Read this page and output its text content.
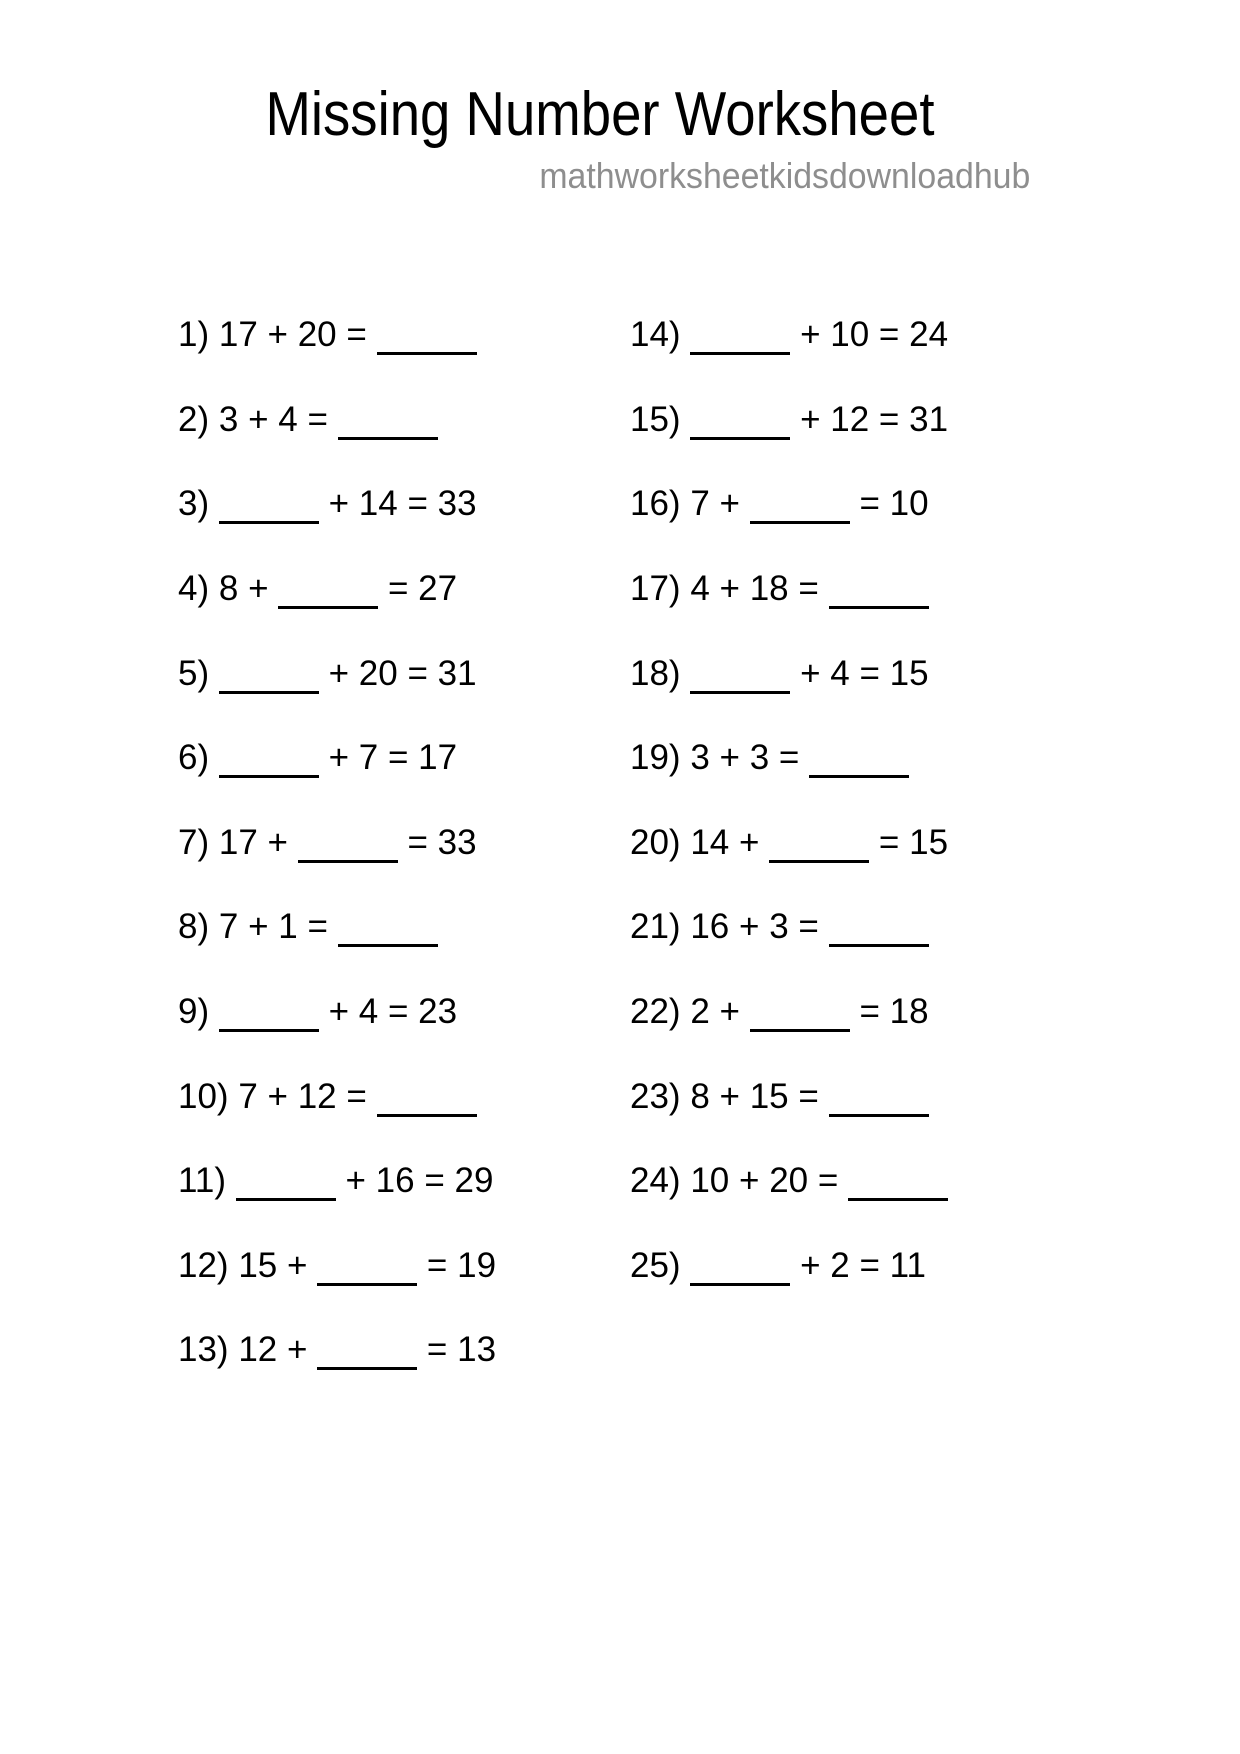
Missing Number Worksheet

mathworksheetkidsdownloadhub

1) 17 + 20 =
2) 3 + 4 =
3)	+ 14 = 33
4) 8 +	= 27
5)	+ 20 = 31
6)	+ 7 = 17
7) 17 +	= 33
8) 7 + 1 =
9)	+ 4 = 23
10) 7 + 12 =
11)	+ 16 = 29
12) 15 +	= 19
13) 12 +	= 13
14)	+ 10 = 24
15)	+ 12 = 31
16) 7 +	= 10
17) 4 + 18 =
18)	+ 4 = 15
19) 3 + 3 =
20) 14 +	= 15
21) 16 + 3 =
22) 2 +	= 18
23) 8 + 15 =
24) 10 + 20 =
25)	+ 2 = 11
